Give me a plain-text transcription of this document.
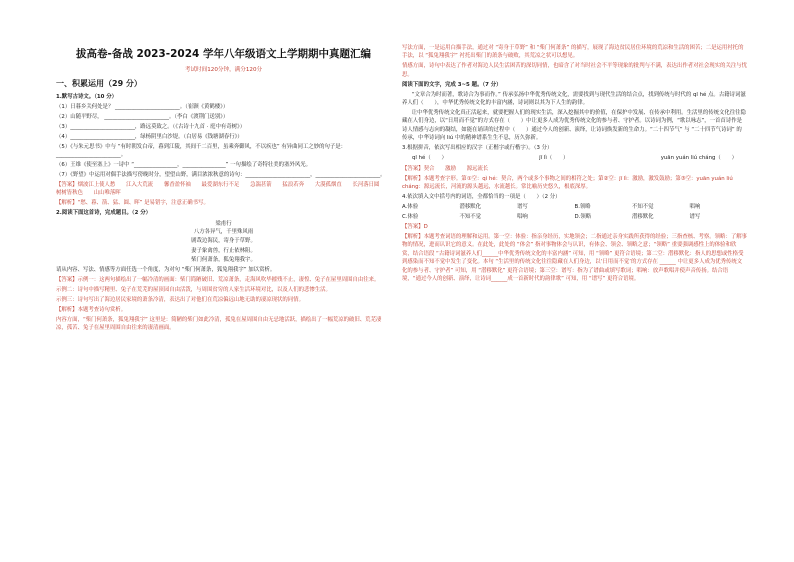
拔高卷-备战 2023-2024 学年八年级语文上学期期中真题汇编
考试时间120分钟，满分120分
一、积累运用（29 分）
1.默写古诗文。（10 分）
（1）日暮乡关何处是？ ________________________。（崔颢《黄鹤楼》）
（2）山随平野尽， ________________________。（李白《渡荆门送别》）
（3）________________________，路远莫致之。（《古诗十九首 · 庭中有奇树》）
（4）________________________，绿杨阴里白沙堤。（白居易《钱塘湖春行》）
（5）《与朱元思书》中与 “有时朝发白帝，暮到江陵，其间千二百里，虽乘奔御风，不以疾也” 有异曲同工之妙的句子是：________________________。
（6）王维《使至塞上》一诗中 “________________，________________” 一句描绘了奇特壮美的塞外风光。
（7）《野望》中运用对偶手法描写傍晚时分，望望山野，满目浓浓秋意的诗句：________________________，________________________。
【答案】烟波江上使人愁　　江入大荒流　　馨香盈怀袖　　最爱湖东行不足　　急湍甚箭　　猛浪若奔　　大漠孤烟直　　长河落日圆　　树树皆秋色　　山山唯落晖
【解析】“愁、暮、箭、猛、圆、晖” 是易错字，注意正确书写。
2.阅读下面这首诗，完成题目。（2 分）
梁甫行
八方各异气，千里殊风雨
剧哉边海民，寄身于草野。
妻子象禽兽，行止依林阻。
柴门何萧条，狐兔翔我宇。
请从内容、写法、情感等方面任选一个角度，为对句 “柴门何萧条，狐兔翔我宇” 加以赏析。
【答案】示例一：这两句描绘出了一幅冷清的画面：柴门简陋破旧、荒凉萧条，走海风吹毕摧残不止，凄惶、兔子在屋里周围自由往来。
示例二：诗句中描写精里、兔子在荒芜的屋顶园自由活泼，与周围贫穷的人家生活环境对比，以及人们的悲惨生活。
示例三：诗句写出了海边居民家境的萧条冷清，表达出了对他们在荒凉偏远山地无助的凄凉现状的同情。
【解析】本题考查诗句赏析。
内容方面，“柴门何萧条，狐兔翔我宇” 这里是：简陋的柴门如此冷清，孤兔在屋周围自由无忌地活跃，描绘出了一幅荒凉的破旧、荒芜凄凉，孤苦、兔子在屋里周围自由往来的凄清画面。
写法方面，一是运用白描手法，通过对 “寄身于草野” 和 “柴门何萧条” 的描写，展现了海边贫民居住环境的荒凉和生活的困苦；二是运用衬托的手法，以 “狐兔翔我宇” 衬托出柴门的萧条与破败，其荒凉之状可以想见。
情感方面，诗句中表达了作者对海边人民生活困苦的深切同情，也暗含了对当时社会不平等现象的批判与不满，表达出作者对社会现实的关注与忧思。
阅读下面的文字，完成 3~5 题。（7 分）
“文章合为时而著，歌诗合为事而作。” 传承弘扬中华优秀传统文化，需要找到与现代生活的结合点，找到传统与时代的 ql hé 点。古籍诗词滋养人们（　　），中华优秀传统文化的丰富内涵，诗词则以其为下人生的韵律。
让中华优秀传统文化真正活起来，就要把握人们的现实生活，深入挖掘其中的价值，在保护中发展、在传承中利用。生活里的传统文化往往隐藏在人们身边，以“日用而不觉”的方式存在（　　）中让更多人成为优秀传统文化的参与者、守护者。以诗词为例，“歌以咏志”，一首首诗作是诗人情感与志向的凝结，如能在诵读的过程中（　　）通过今人的创新、演绎，让诗词焕发新的生命力。“二十四节气” 与 “二十四节气诗词” 的传承，中华诗词向 liú 中的精神谱系生生不息，历久弥新。
3.根据拼音，依次写出相应的汉字（正楷字或行楷字）。（3 分）
ql hé（　　）	jī lì（　　）	yuān yuán liú cháng（　　）
【答案】契合　　激励　　源远流长
【解析】本题考查字形。第①空：qì hé：契合，两个或多个事物之间的相符之处；第②空：jī lì：激励，激发鼓励；第③空：yuān yuán liú cháng：源远流长，河流的源头越远，水流越长。常比喻历史悠久，根底深厚。
4.依次填入文中括号内的词语，全都恰当的一项是（　　）（2 分）
A.体验	潜移默化	谱写	B.领略	不知不觉	唱响
C.体验	不知不觉	唱响	D.领略	潜移默化	谱写
【答案】D
【解析】本题考查词语的理解和运用。第一空：体验：指亲身经历，实地领会；二指通过亲身实践所获得的经验；三指查核、考察。领略：了解事物的情况，进而认识它的意义。在此处，此处的 “体会” 指对事物体会与认识，有体会、领会、领略之意；“领略” 重要强调感性上的体验和欣赏，结合语段 “古籍诗词滋养人们______中华优秀传统文化的丰富内涵” 可知，用 “领略” 更符合语境；第二空：潜移默化：指人的思想或性格受到感染而不知不觉中发生了变化。本句 “生活里的传统文化往往隐藏在人们身边，以‘日用而不觉’的方式存在 ______ 中让更多人成为优秀传统文化的参与者、守护者” 可知，用 “潜移默化” 更符合语境；第三空：谱写：指为了谱曲或填写歌词；唱响：放声歌唱并使声音传扬。结合语境，“通过今人的创新、演绎，让诗词______成一首新时代的韵律歌” 可知，用 “谱写” 更符合语境。
